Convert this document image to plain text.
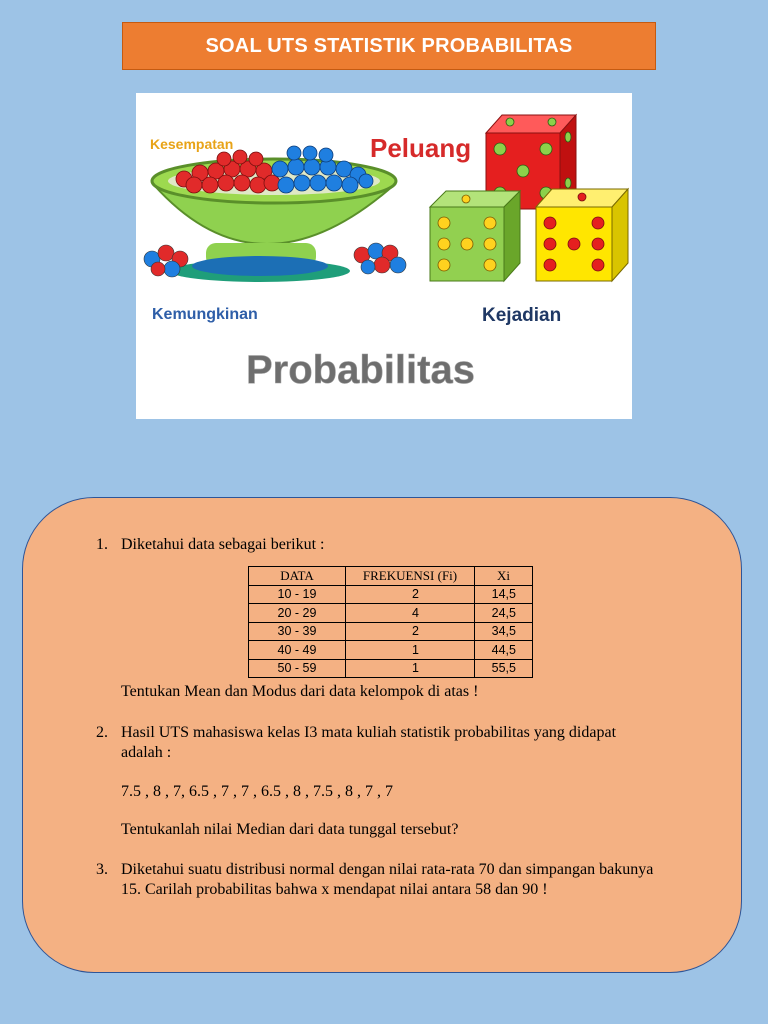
SOAL UTS STATISTIK PROBABILITAS
Kesempatan	Peluang
Kemungkinan	Kejadian
Probabilitas
1. Diketahui data sebagai berikut :
DATA	FREKUENSI (Fi)	Xi
10 - 19	2	14,5
20 - 29	4	24,5
30 - 39	2	34,5
40 - 49	1	44,5
50 - 59	1	55,5
Tentukan Mean dan Modus dari data kelompok di atas !
2. Hasil UTS mahasiswa kelas I3 mata kuliah statistik probabilitas yang didapat
adalah :
7.5 , 8 , 7, 6.5 , 7 , 7 , 6.5 , 8 , 7.5 , 8 , 7 , 7
Tentukanlah nilai Median dari data tunggal tersebut?
3. Diketahui suatu distribusi normal dengan nilai rata-rata 70 dan simpangan bakunya
15. Carilah probabilitas bahwa x mendapat nilai antara 58 dan 90 !
